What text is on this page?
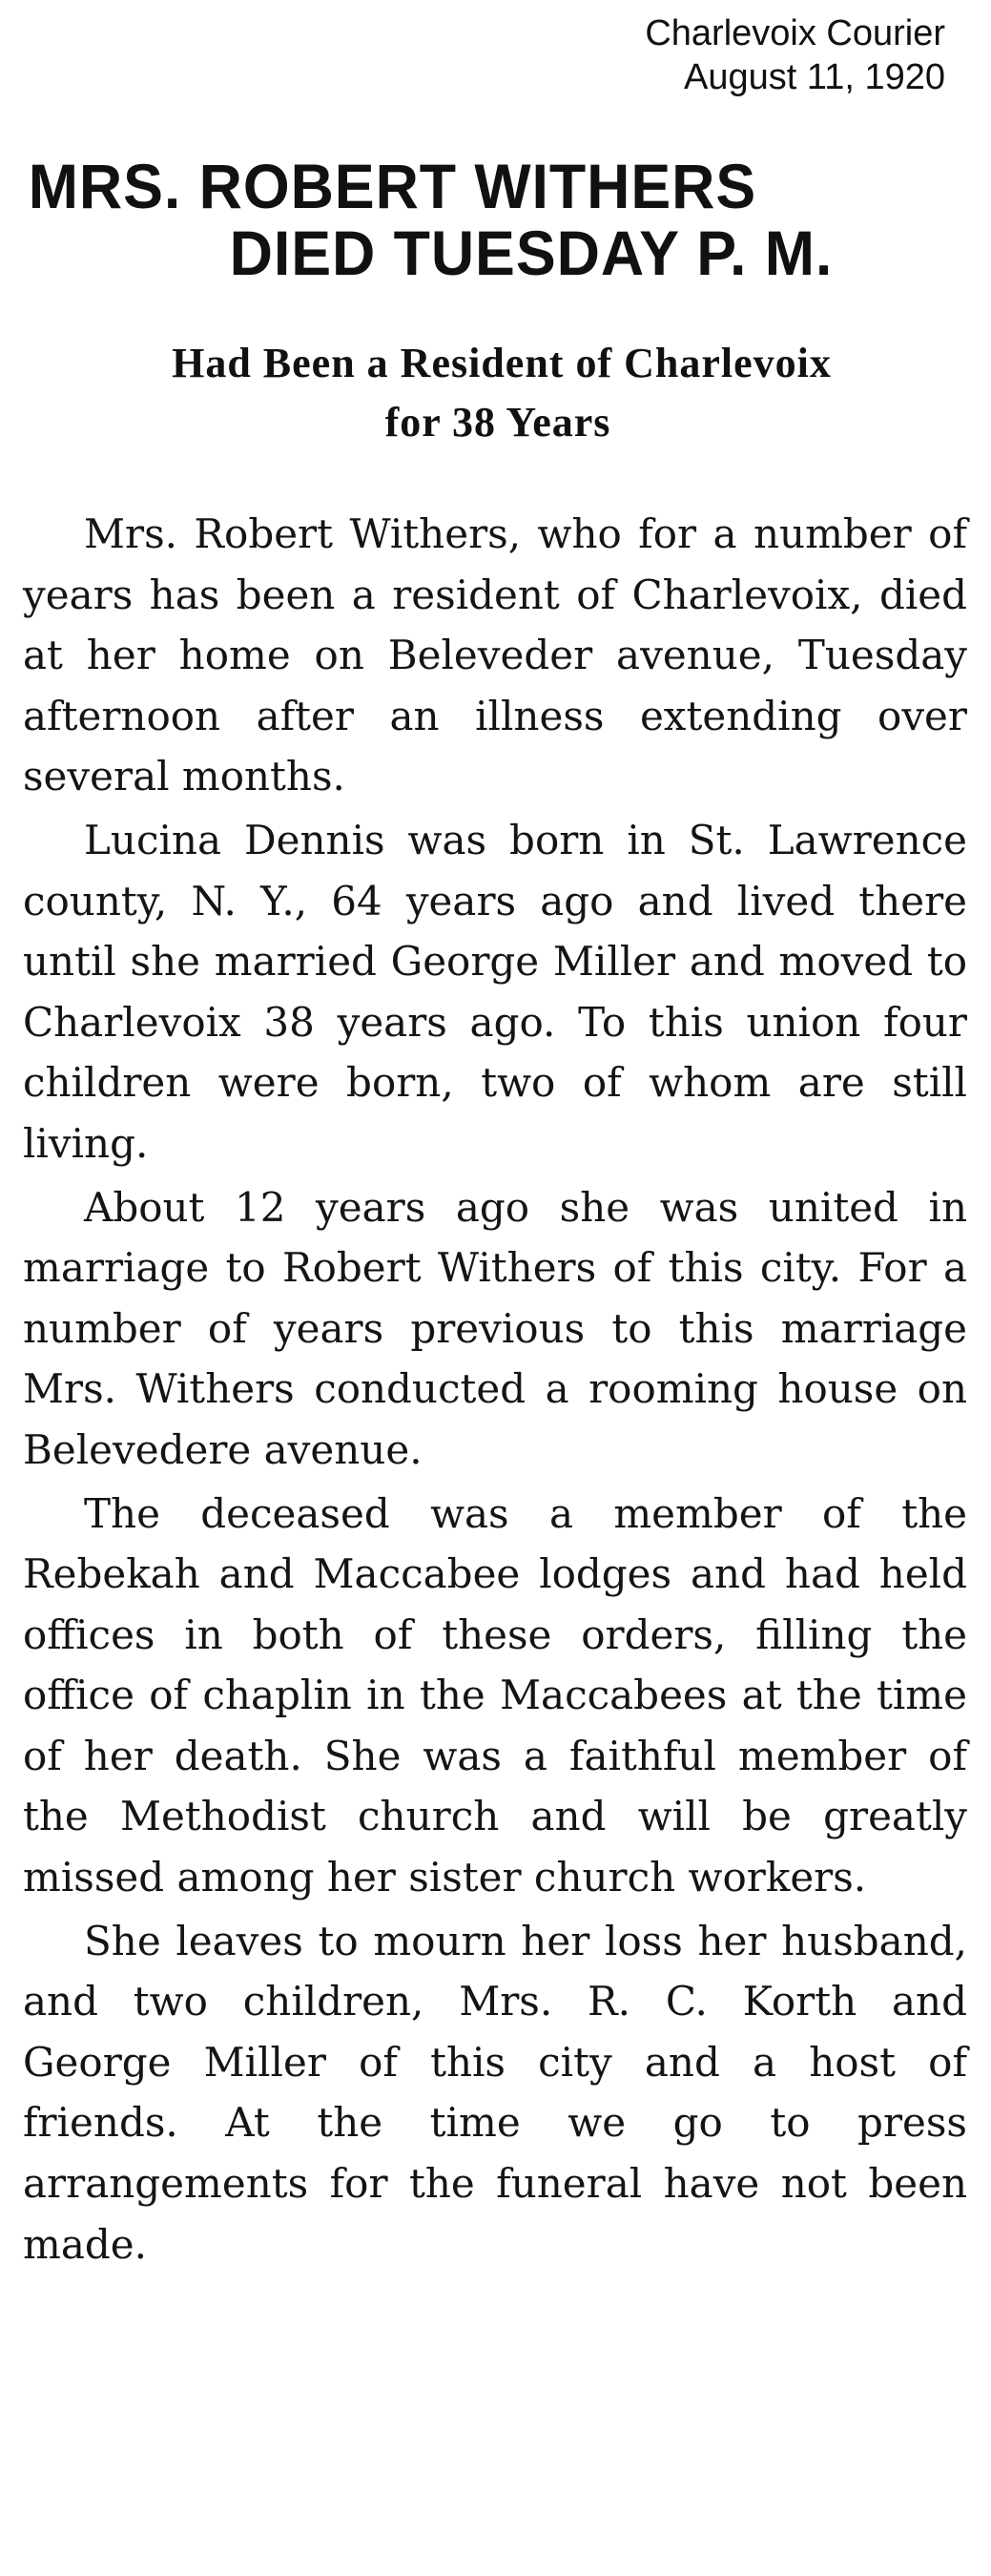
Charlevoix Courier
August 11, 1920
MRS. ROBERT WITHERS
DIED TUESDAY P. M.
Had Been a Resident of Charlevoix
for 38 Years

Mrs. Robert Withers, who for a number of years has been a resident of Charlevoix, died at her home on Beleveder avenue, Tuesday afternoon after an illness extending over several months.

Lucina Dennis was born in St. Lawrence county, N. Y., 64 years ago and lived there until she married George Miller and moved to Charlevoix 38 years ago. To this union four children were born, two of whom are still living.

About 12 years ago she was united in marriage to Robert Withers of this city. For a number of years previous to this marriage Mrs. Withers conducted a rooming house on Belevedere avenue.

The deceased was a member of the Rebekah and Maccabee lodges and had held offices in both of these orders, filling the office of chaplin in the Maccabees at the time of her death. She was a faithful member of the Methodist church and will be greatly missed among her sister church workers.

She leaves to mourn her loss her husband, and two children, Mrs. R. C. Korth and George Miller of this city and a host of friends. At the time we go to press arrangements for the funeral have not been made.
